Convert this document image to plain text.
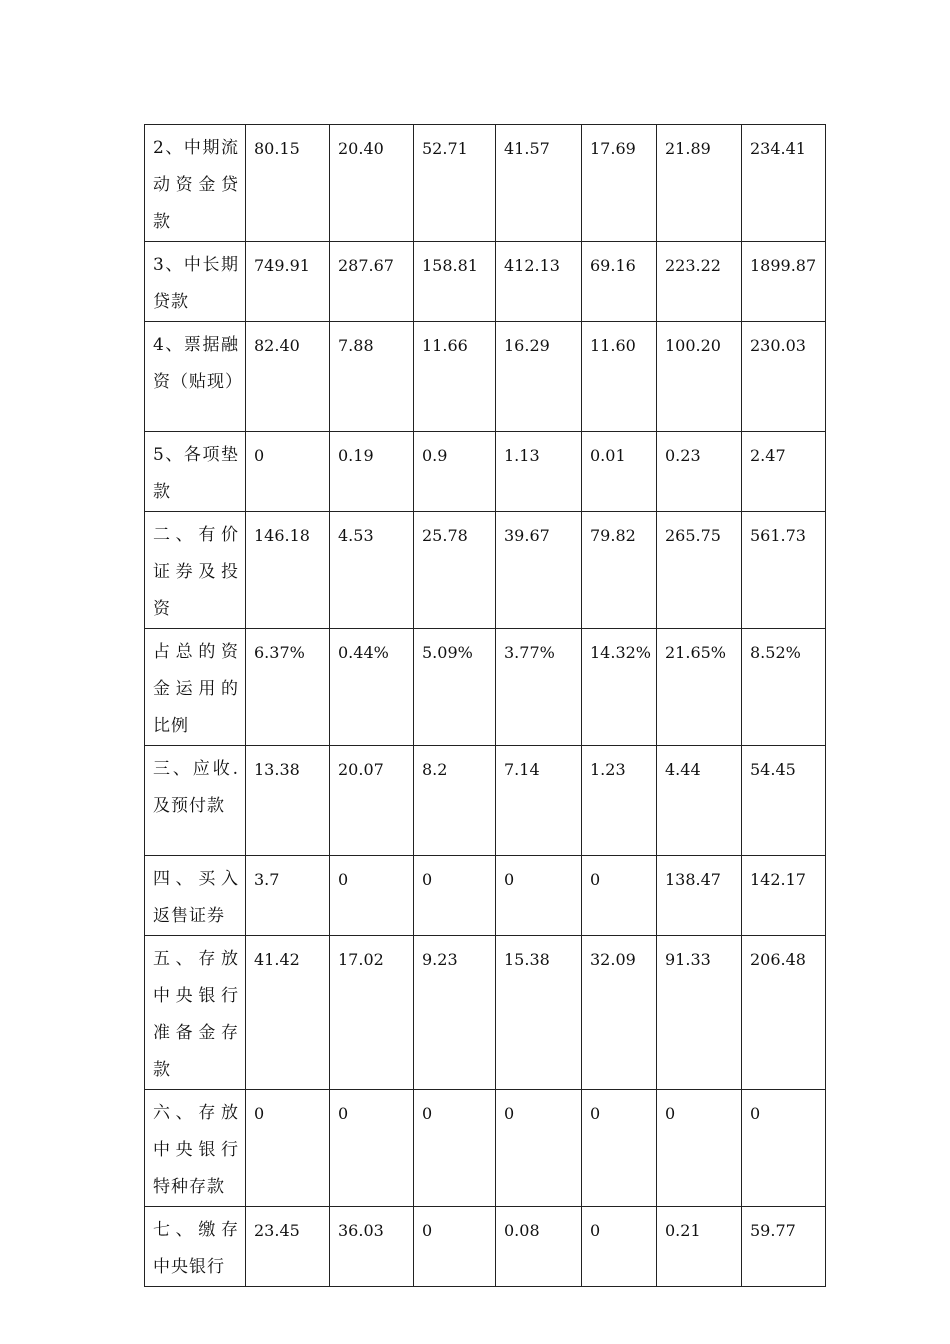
2、中期流动资金贷款	80.15	20.40	52.71	41.57	17.69	21.89	234.41
3、中长期贷款	749.91	287.67	158.81	412.13	69.16	223.22	1899.87
4、票据融资（贴现）	82.40	7.88	11.66	16.29	11.60	100.20	230.03
5、各项垫款	0	0.19	0.9	1.13	0.01	0.23	2.47
二、有价证券及投资	146.18	4.53	25.78	39.67	79.82	265.75	561.73
占总的资金运用的比例	6.37%	0.44%	5.09%	3.77%	14.32%	21.65%	8.52%
三、应收.及预付款	13.38	20.07	8.2	7.14	1.23	4.44	54.45
四、买入返售证券	3.7	0	0	0	0	138.47	142.17
五、存放中央银行准备金存款	41.42	17.02	9.23	15.38	32.09	91.33	206.48
六、存放中央银行特种存款	0	0	0	0	0	0	0
七、缴存中央银行	23.45	36.03	0	0.08	0	0.21	59.77
